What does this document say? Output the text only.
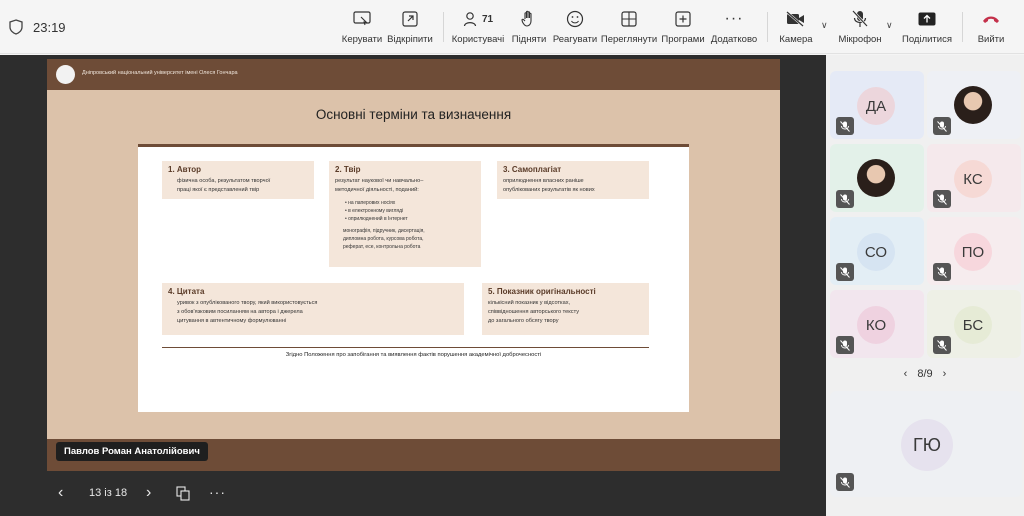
23:19
Керувати Відкріпити
71
Користувачі Підняти Реагувати Переглянути Програми
···
Додатково Камера
∨
Мікрофон
∨
Поділитися	Вийти
Дніпровський національний університет імені Олеся Гончара
Основні терміни та визначення
1. Автор
фізична особа, результатом творчої
праці якої є представлений твір
2. Твір
результат наукової чи навчально–
методичної діяльності, поданий:
• на паперових носіях
• в електронному вигляді
• оприлюднений в Інтернет
монографія, підручник, дисертація,
дипломна робота, курсова робота,
реферат, есе, контрольна робота
3. Самоплагіат
оприлюднення власних раніше
опублікованих результатів як нових
4. Цитата
уривок з опублікованого твору, який використовується
з обов'язковим посиланням на автора і джерела
цитування в автентичному формулюванні
5. Показник оригінальності
кількісний показник у відсотках,
співвідношення авторського тексту
до загального обсягу твору
Згідно Положення про запобігання та виявлення фактів порушення академічної доброчесності
Павлов Роман Анатолійович
‹ 13 із 18 ›	···
ДА
КС
СО	ПО
КО	БС
‹ 8/9 ›
ГЮ
